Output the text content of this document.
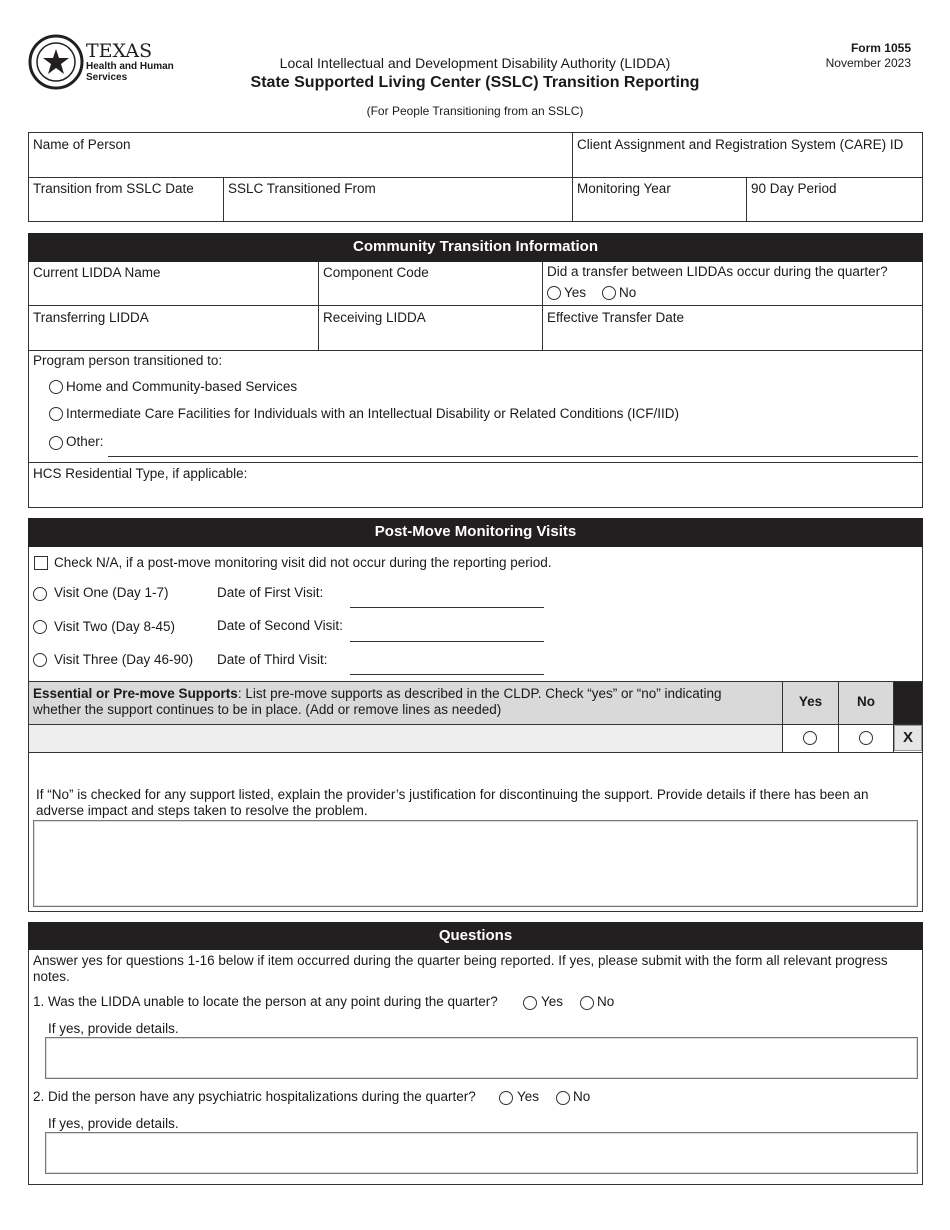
TEXAS
Health and Human
Services
Local Intellectual and Development Disability Authority (LIDDA)
State Supported Living Center (SSLC) Transition Reporting
(For People Transitioning from an SSLC)
Form 1055
November 2023
Name of Person	Client Assignment and Registration System (CARE) ID
Transition from SSLC Date	SSLC Transitioned From	Monitoring Year	90 Day Period
Community Transition Information
Current LIDDA Name	Component Code	Did a transfer between LIDDAs occur during the quarter?
Yes No
Transferring LIDDA	Receiving LIDDA	Effective Transfer Date
Program person transitioned to:
Home and Community-based Services
Intermediate Care Facilities for Individuals with an Intellectual Disability or Related Conditions (ICF/IID)
Other:
HCS Residential Type, if applicable:
Post-Move Monitoring Visits
Check N/A, if a post-move monitoring visit did not occur during the reporting period.
Visit One (Day 1-7)	Date of First Visit:
Visit Two (Day 8-45)	Date of Second Visit:
Visit Three (Day 46-90) Date of Third Visit:
Essential or Pre-move Supports: List pre-move supports as described in the CLDP. Check “yes” or “no” indicating whether the support continues to be in place. (Add or remove lines as needed)
Yes	No
X
If “No” is checked for any support listed, explain the provider’s justification for discontinuing the support. Provide details if there has been an adverse impact and steps taken to resolve the problem.
Questions
Answer yes for questions 1-16 below if item occurred during the quarter being reported. If yes, please submit with the form all relevant progress notes.
1. Was the LIDDA unable to locate the person at any point during the quarter?	Yes	No
If yes, provide details.
2. Did the person have any psychiatric hospitalizations during the quarter?	Yes	No
If yes, provide details.
